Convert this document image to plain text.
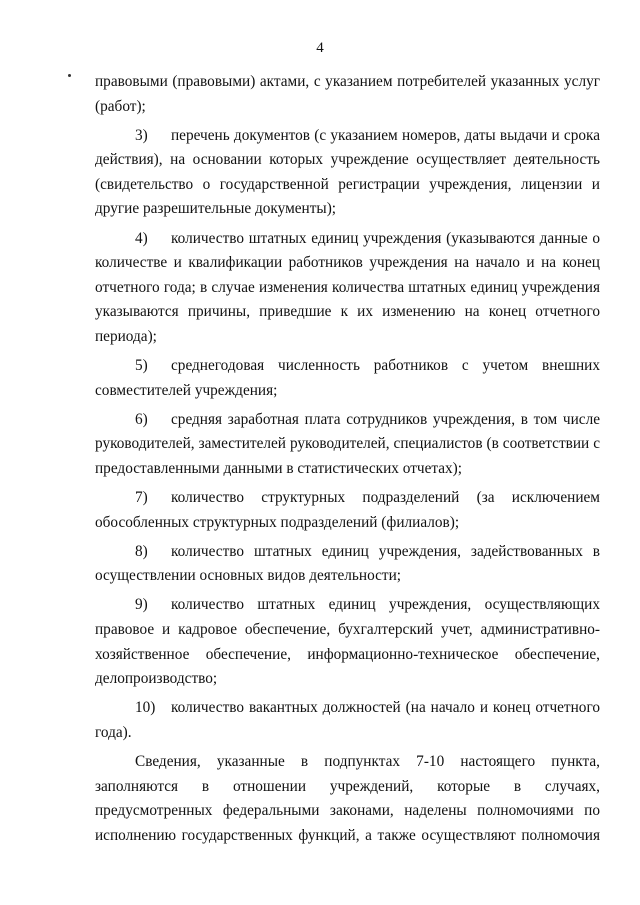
4

правовыми (правовыми) актами, с указанием потребителей указанных услуг (работ);

3) перечень документов (с указанием номеров, даты выдачи и срока действия), на основании которых учреждение осуществляет деятельность (свидетельство о государственной регистрации учреждения, лицензии и другие разрешительные документы);

4) количество штатных единиц учреждения (указываются данные о количестве и квалификации работников учреждения на начало и на конец отчетного года; в случае изменения количества штатных единиц учреждения указываются причины, приведшие к их изменению на конец отчетного периода);

5) среднегодовая численность работников с учетом внешних совместителей учреждения;

6) средняя заработная плата сотрудников учреждения, в том числе руководителей, заместителей руководителей, специалистов (в соответствии с предоставленными данными в статистических отчетах);

7) количество структурных подразделений (за исключением обособленных структурных подразделений (филиалов);

8) количество штатных единиц учреждения, задействованных в осуществлении основных видов деятельности;

9) количество штатных единиц учреждения, осуществляющих правовое и кадровое обеспечение, бухгалтерский учет, административно-хозяйственное обеспечение, информационно-техническое обеспечение, делопроизводство;

10) количество вакантных должностей (на начало и конец отчетного года).

Сведения, указанные в подпунктах 7-10 настоящего пункта, заполняются в отношении учреждений, которые в случаях, предусмотренных федеральными законами, наделены полномочиями по исполнению государственных функций, а также осуществляют полномочия
